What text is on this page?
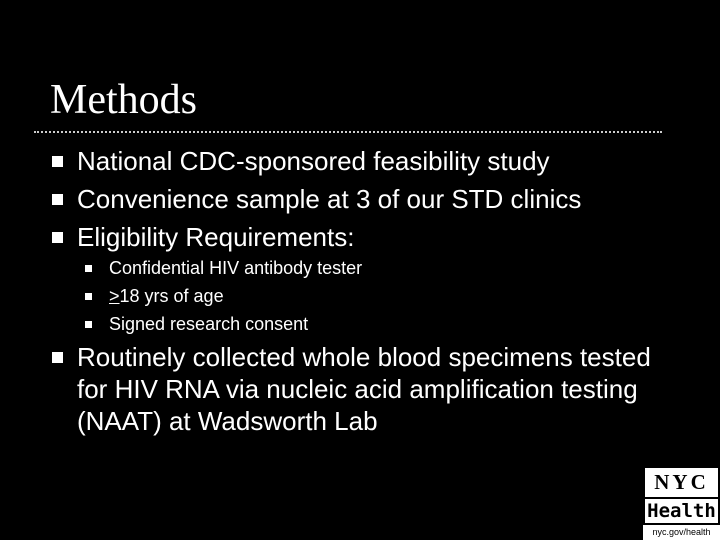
Methods
National CDC-sponsored feasibility study
Convenience sample at 3 of our STD clinics
Eligibility Requirements:
Confidential HIV antibody tester
≥18 yrs of age
Signed research consent
Routinely collected whole blood specimens tested for HIV RNA via nucleic acid amplification testing (NAAT) at Wadsworth Lab
NYC
Health
nyc.gov/health
